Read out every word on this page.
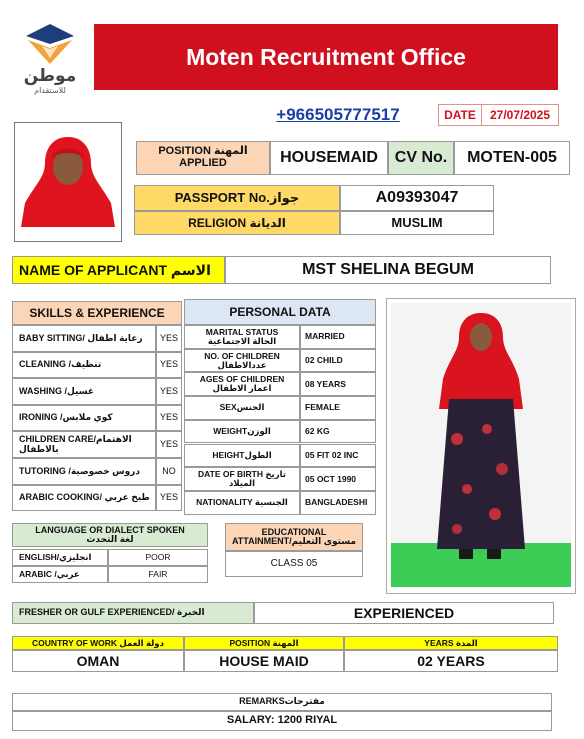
موطن
للاستقدام
Moten Recruitment Office
+966505777517	DATE	27/07/2025
POSITION المهنة
APPLIED	HOUSEMAID	CV No.	MOTEN-005
PASSPORT No.جواز	A09393047
RELIGION الديانة	MUSLIM
NAME OF APPLICANT الاسم	MST SHELINA BEGUM
SKILLS & EXPERIENCE
BABY SITTING/ رعاية اطفال	YES
CLEANING /تنظيف	YES
WASHING /غسيل	YES
IRONING /كوي ملابس	YES
CHILDREN CARE/الاهتمام بالاطفال	YES
TUTORING /دروس خصوصية	NO
ARABIC COOKING/ طبخ عربي	YES
PERSONAL DATA
MARITAL STATUS
الحالة الاجتماعية	MARRIED
NO. OF CHILDREN
عددالاطفال	02 CHILD
AGES OF CHILDREN
اعمار الاطفال	08 YEARS
SEXالجنس	FEMALE
WEIGHTالوزن	62 KG
HEIGHTالطول	05 FIT 02 INC
DATE OF BIRTH تاريخ الميلاد	05 OCT 1990
NATIONALITY الجنسية	BANGLADESHI
LANGUAGE OR DIALECT SPOKEN
لغة التحدث
ENGLISH/انجليزي	POOR
ARABIC /عربي	FAIR
EDUCATIONAL
ATTAINMENT/مستوى التعليم
CLASS 05
FRESHER OR GULF EXPERIENCED/ الخبرة	EXPERIENCED
COUNTRY OF WORK دولة العمل
OMAN
POSITION المهنة
HOUSE MAID
YEARS المدة
02 YEARS
REMARKSمقترحات
SALARY: 1200 RIYAL
